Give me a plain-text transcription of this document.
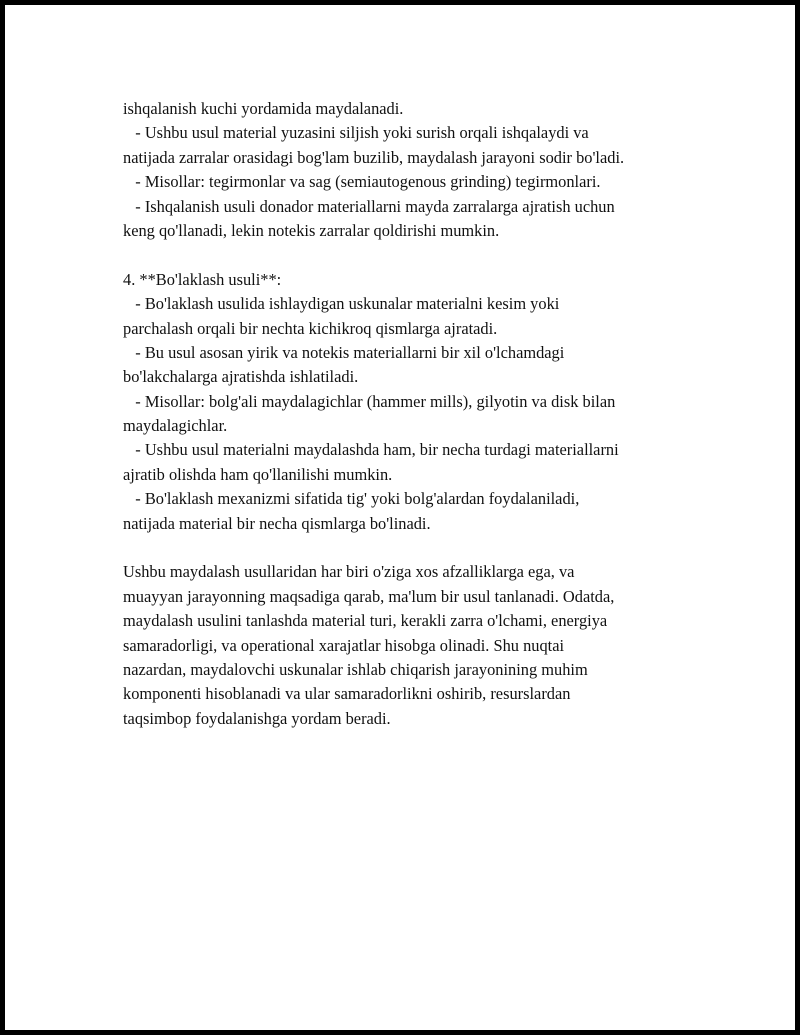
ishqalanish kuchi yordamida maydalanadi.
- Ushbu usul material yuzasini siljish yoki surish orqali ishqalaydi va
natijada zarralar orasidagi bog'lam buzilib, maydalash jarayoni sodir bo'ladi.
- Misollar: tegirmonlar va sag (semiautogenous grinding) tegirmonlari.
- Ishqalanish usuli donador materiallarni mayda zarralarga ajratish uchun
keng qo'llanadi, lekin notekis zarralar qoldirishi mumkin.
4. **Bo'laklash usuli**:
- Bo'laklash usulida ishlaydigan uskunalar materialni kesim yoki
parchalash orqali bir nechta kichikroq qismlarga ajratadi.
- Bu usul asosan yirik va notekis materiallarni bir xil o'lchamdagi
bo'lakchalarga ajratishda ishlatiladi.
- Misollar: bolg'ali maydalagichlar (hammer mills), gilyotin va disk bilan
maydalagichlar.
- Ushbu usul materialni maydalashda ham, bir necha turdagi materiallarni
ajratib olishda ham qo'llanilishi mumkin.
- Bo'laklash mexanizmi sifatida tig' yoki bolg'alardan foydalaniladi,
natijada material bir necha qismlarga bo'linadi.
Ushbu maydalash usullaridan har biri o'ziga xos afzalliklarga ega, va
muayyan jarayonning maqsadiga qarab, ma'lum bir usul tanlanadi. Odatda,
maydalash usulini tanlashda material turi, kerakli zarra o'lchami, energiya
samaradorligi, va operational xarajatlar hisobga olinadi. Shu nuqtai
nazardan, maydalovchi uskunalar ishlab chiqarish jarayonining muhim
komponenti hisoblanadi va ular samaradorlikni oshirib, resurslardan
taqsimbop foydalanishga yordam beradi.
